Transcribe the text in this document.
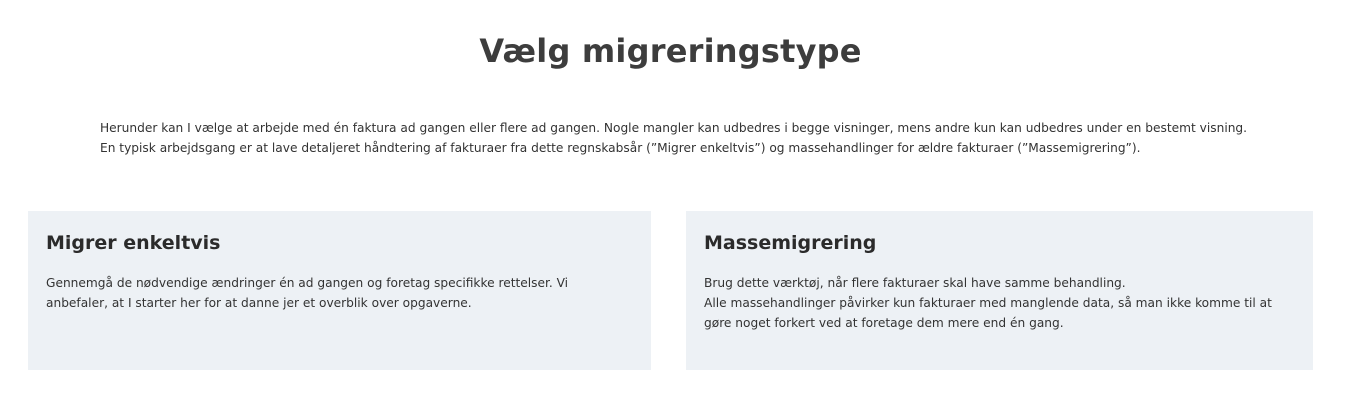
Vælg migreringstype

Herunder kan I vælge at arbejde med én faktura ad gangen eller flere ad gangen. Nogle mangler kan udbedres i begge visninger, mens andre kun kan udbedres under en bestemt visning.

En typisk arbejdsgang er at lave detaljeret håndtering af fakturaer fra dette regnskabsår (”Migrer enkeltvis”) og massehandlinger for ældre fakturaer (”Massemigrering”).

Migrer enkeltvis

Gennemgå de nødvendige ændringer én ad gangen og foretag specifikke rettelser. Vi anbefaler, at I starter her for at danne jer et overblik over opgaverne.

Massemigrering

Brug dette værktøj, når flere fakturaer skal have samme behandling.

Alle massehandlinger påvirker kun fakturaer med manglende data, så man ikke komme til at gøre noget forkert ved at foretage dem mere end én gang.
